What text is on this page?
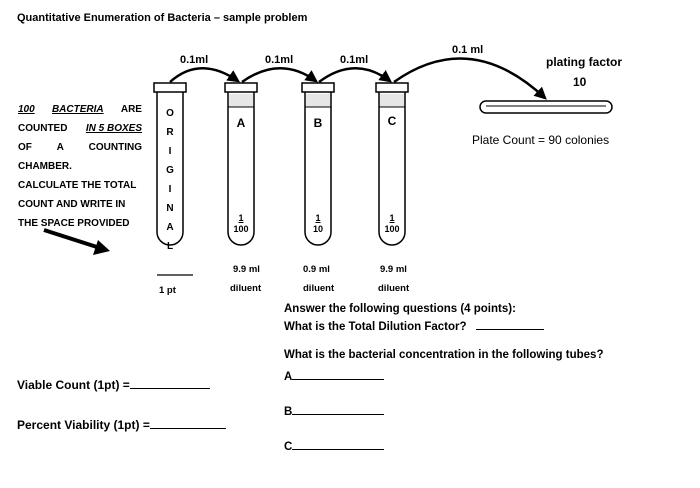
Quantitative Enumeration of Bacteria – sample problem
100 BACTERIA ARE
COUNTED IN 5 BOXES
OF A COUNTING
CHAMBER.
CALCULATE THE TOTAL
COUNT AND WRITE IN
THE SPACE PROVIDED
O
R
I
G
I
N
A
L
1 pt
0.1ml	0.1ml	0.1ml
0.1 ml
A	B	C
$\frac{1}{100}$	$\frac{1}{10}$	$\frac{1}{100}$
9.9 ml
diluent
0.9 ml
diluent
9.9 ml
diluent
plating factor
10
Plate Count = 90 colonies
Answer the following questions (4 points):
What is the Total Dilution Factor?
What is the bacterial concentration in the following tubes?
A
B
C
Viable Count (1pt) =
Percent Viability (1pt) =
